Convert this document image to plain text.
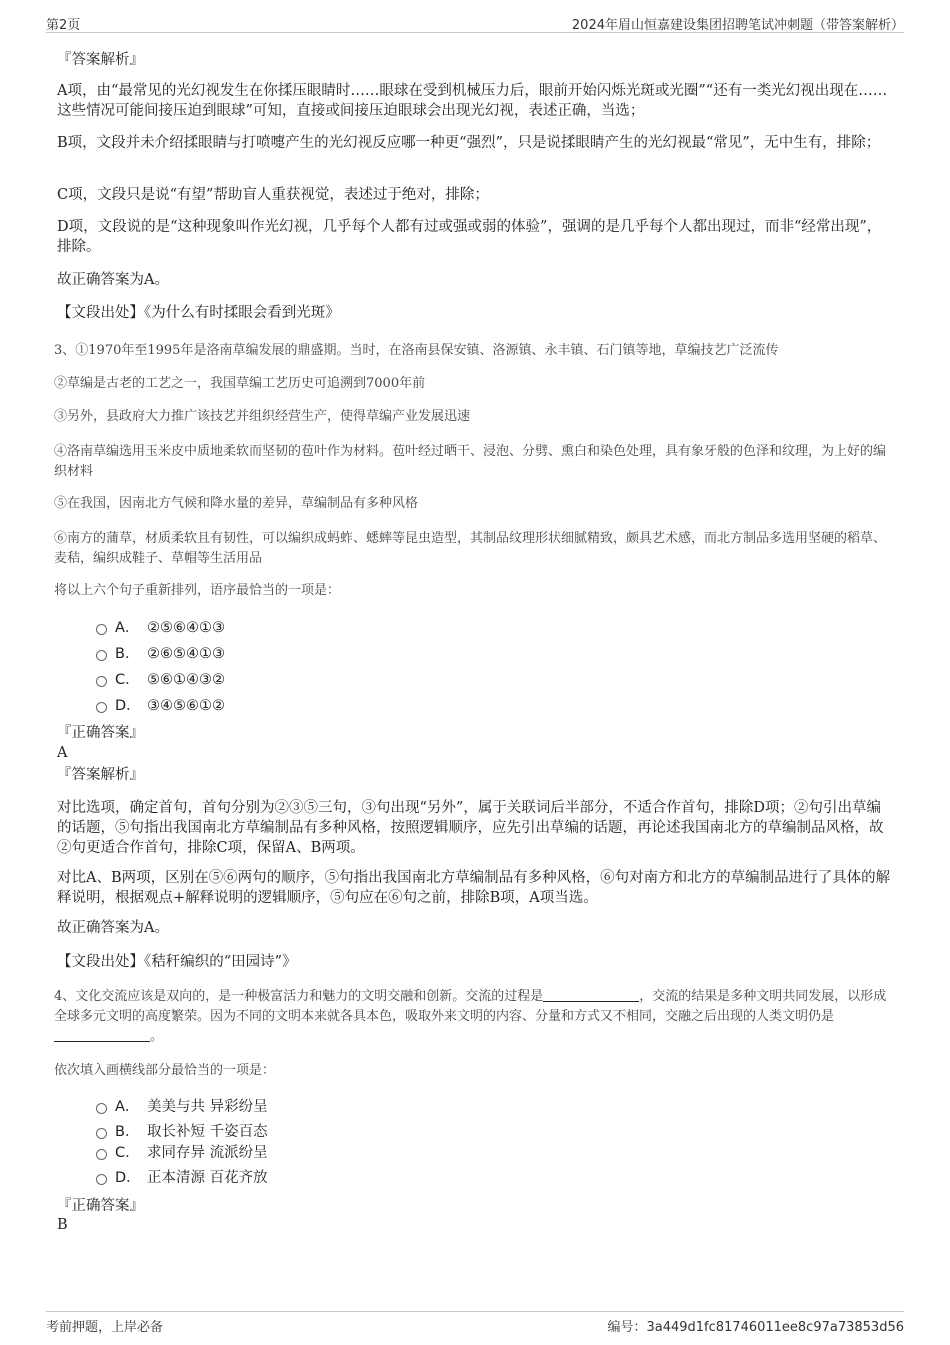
第2页	2024年眉山恒嘉建设集团招聘笔试冲刺题（带答案解析）
『答案解析』
A项，由“最常见的光幻视发生在你揉压眼睛时……眼球在受到机械压力后，眼前开始闪烁光斑或光圈”“还有一类光幻视出现在……这些情况可能间接压迫到眼球”可知，直接或间接压迫眼球会出现光幻视，表述正确，当选；
B项，文段并未介绍揉眼睛与打喷嚏产生的光幻视反应哪一种更“强烈”，只是说揉眼睛产生的光幻视最“常见”，无中生有，排除；
C项，文段只是说“有望”帮助盲人重获视觉，表述过于绝对，排除；
D项，文段说的是“这种现象叫作光幻视，几乎每个人都有过或强或弱的体验”，强调的是几乎每个人都出现过，而非“经常出现”，排除。
故正确答案为A。
【文段出处】《为什么有时揉眼会看到光斑》
3、①1970年至1995年是洛南草编发展的鼎盛期。当时，在洛南县保安镇、洛源镇、永丰镇、石门镇等地，草编技艺广泛流传
②草编是古老的工艺之一，我国草编工艺历史可追溯到7000年前
③另外，县政府大力推广该技艺并组织经营生产，使得草编产业发展迅速
④洛南草编选用玉米皮中质地柔软而坚韧的苞叶作为材料。苞叶经过晒干、浸泡、分劈、熏白和染色处理，具有象牙般的色泽和纹理，为上好的编织材料
⑤在我国，因南北方气候和降水量的差异，草编制品有多种风格
⑥南方的蒲草，材质柔软且有韧性，可以编织成蚂蚱、蟋蟀等昆虫造型，其制品纹理形状细腻精致，颇具艺术感，而北方制品多选用坚硬的稻草、麦秸，编织成鞋子、草帽等生活用品
将以上六个句子重新排列，语序最恰当的一项是：
A． ②⑤⑥④①③
B． ②⑥⑤④①③
C． ⑤⑥①④③②
D． ③④⑤⑥①②
『正确答案』
A
『答案解析』
对比选项，确定首句，首句分别为②③⑤三句，③句出现“另外”，属于关联词后半部分，不适合作首句，排除D项；②句引出草编的话题，⑤句指出我国南北方草编制品有多种风格，按照逻辑顺序，应先引出草编的话题，再论述我国南北方的草编制品风格，故②句更适合作首句，排除C项，保留A、B两项。
对比A、B两项，区别在⑤⑥两句的顺序，⑤句指出我国南北方草编制品有多种风格，⑥句对南方和北方的草编制品进行了具体的解释说明，根据观点+解释说明的逻辑顺序，⑤句应在⑥句之前，排除B项，A项当选。
故正确答案为A。
【文段出处】《秸秆编织的“田园诗”》
4、文化交流应该是双向的，是一种极富活力和魅力的文明交融和创新。交流的过程是	，交流的结果是多种文明共同发展，以形成全球多元文明的高度繁荣。因为不同的文明本来就各具本色，吸取外来文明的内容、分量和方式又不相同，交融之后出现的人类文明仍是
。
依次填入画横线部分最恰当的一项是：
A． 美美与共 异彩纷呈
B． 取长补短 千姿百态
C． 求同存异 流派纷呈
D． 正本清源 百花齐放
『正确答案』
B
考前押题，上岸必备	编号：3a449d1fc81746011ee8c97a73853d56
